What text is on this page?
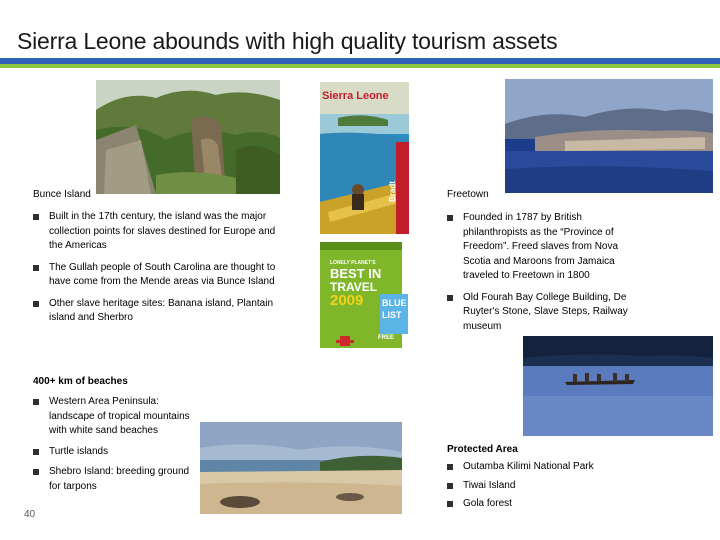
Sierra Leone abounds with high quality tourism assets
Sierra Leone
Bradt
LONELY PLANET'S
BEST IN
TRAVEL
2009 BLUE
LIST
FREE
Bunce Island	Freetown
Built in the 17th century, the island was the major collection points for slaves destined for Europe and the Americas
The Gullah people of South Carolina are thought to have come from the Mende areas via Bunce Island
Other slave heritage sites: Banana island, Plantain island and Sherbro
Founded in 1787 by British philanthropists as the “Province of Freedom”. Freed slaves from Nova Scotia and Maroons from Jamaica traveled to Freetown in 1800
Old Fourah Bay College Building, De Ruyter's Stone, Slave Steps, Railway museum
400+ km of beaches
Western Area Peninsula: landscape of tropical mountains with white sand beaches
Turtle islands
Shebro Island: breeding ground for tarpons
Protected Area
Outamba Kilimi National Park
Tiwai Island
Gola forest
40
